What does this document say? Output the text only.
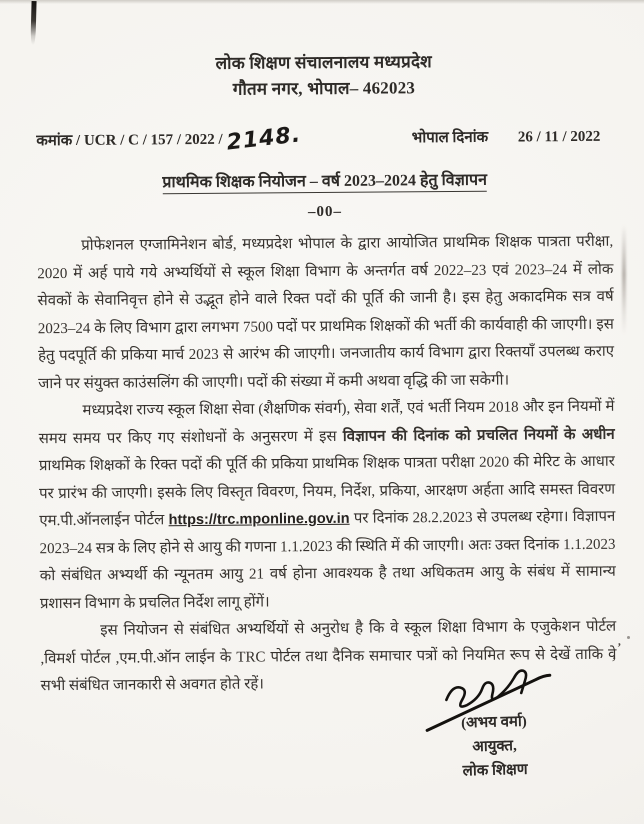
̦᾿
लोक शिक्षण संचालनालय मध्यप्रदेश
गौतम नगर, भोपाल– 462023
कमांक / UCR / C / 157 / 2022 / 2148.	भोपाल दिनांक 26 / 11 / 2022
प्राथमिक शिक्षक नियोजन – वर्ष 2023–2024 हेतु विज्ञापन
–00–

प्रोफेशनल एग्जामिनेशन बोर्ड, मध्यप्रदेश भोपाल के द्वारा आयोजित प्राथमिक शिक्षक पात्रता परीक्षा, 2020 में अर्ह पाये गये अभ्यर्थियों से स्कूल शिक्षा विभाग के अन्तर्गत वर्ष 2022–23 एवं 2023–24 में लोक सेवकों के सेवानिवृत्त होने से उद्भूत होने वाले रिक्त पदों की पूर्ति की जानी है। इस हेतु अकादमिक सत्र वर्ष 2023–24 के लिए विभाग द्वारा लगभग 7500 पदों पर प्राथमिक शिक्षकों की भर्ती की कार्यवाही की जाएगी। इस हेतु पदपूर्ति की प्रकिया मार्च 2023 से आरंभ की जाएगी। जनजातीय कार्य विभाग द्वारा रिक्तयॉं उपलब्ध कराए जाने पर संयुक्त काउंसलिंग की जाएगी। पदों की संख्या में कमी अथवा वृद्धि की जा सकेगी।

मध्यप्रदेश राज्य स्कूल शिक्षा सेवा (शैक्षणिक संवर्ग), सेवा शर्तें, एवं भर्ती नियम 2018 और इन नियमों में समय समय पर किए गए संशोधनों के अनुसरण में इस विज्ञापन की दिनांक को प्रचलित नियमों के अधीन प्राथमिक शिक्षकों के रिक्त पदों की पूर्ति की प्रकिया प्राथमिक शिक्षक पात्रता परीक्षा 2020 की मेरिट के आधार पर प्रारंभ की जाएगी। इसके लिए विस्तृत विवरण, नियम, निर्देश, प्रकिया, आरक्षण अर्हता आदि समस्त विवरण एम.पी.ऑनलाईन पोर्टल https://trc.mponline.gov.in पर दिनांक 28.2.2023 से उपलब्ध रहेगा। विज्ञापन 2023–24 सत्र के लिए होने से आयु की गणना 1.1.2023 की स्थिति में की जाएगी। अतः उक्त दिनांक 1.1.2023 को संबंधित अभ्यर्थी की न्यूनतम आयु 21 वर्ष होना आवश्यक है तथा अधिकतम आयु के संबंध में सामान्य प्रशासन विभाग के प्रचलित निर्देश लागू होंगें।

इस नियोजन से संबंधित अभ्यर्थियों से अनुरोध है कि वे स्कूल शिक्षा विभाग के एजुकेशन पोर्टल ,विमर्श पोर्टल ,एम.पी.ऑन लाईन के TRC पोर्टल तथा दैनिक समाचार पत्रों को नियमित रूप से देखें ताकि वे सभी संबंधित जानकारी से अवगत होते रहें।

(अभय वर्मा)
आयुक्त,
लोक शिक्षण
